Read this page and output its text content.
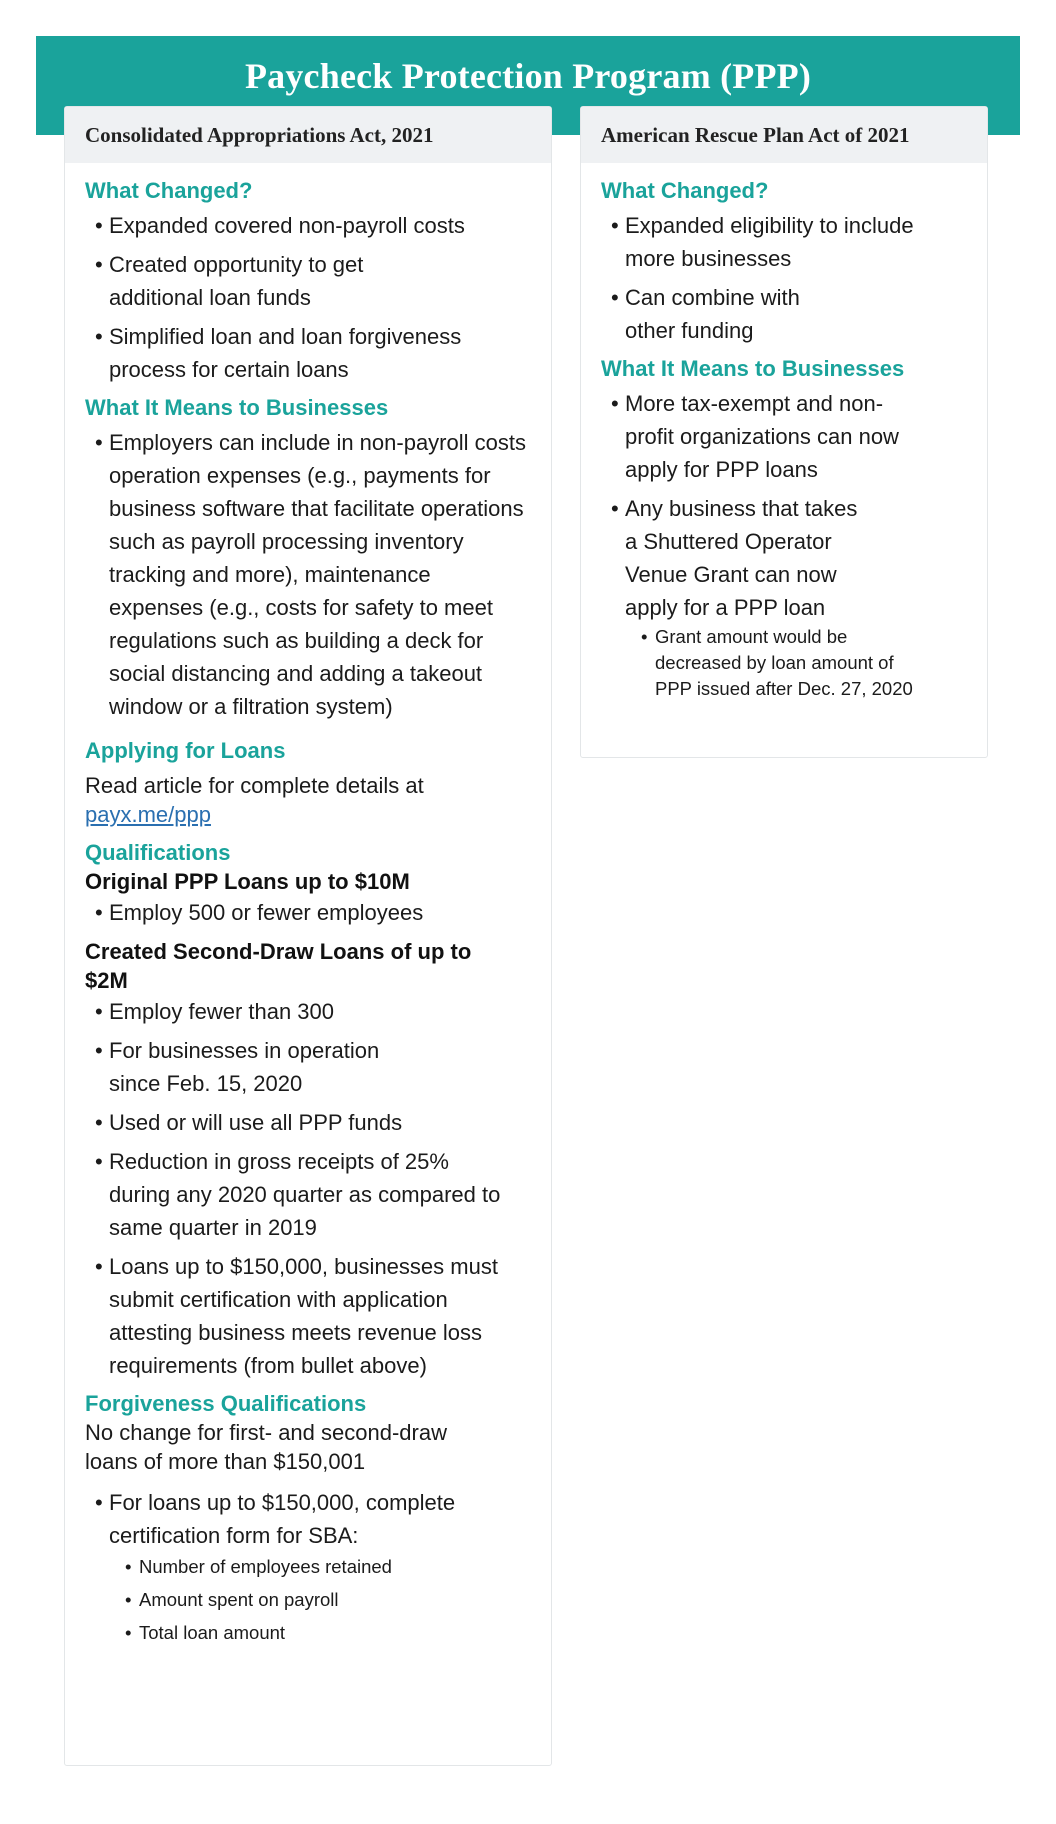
Paycheck Protection Program (PPP)
Consolidated Appropriations Act, 2021
What Changed?
• Expanded covered non-payroll costs
• Created opportunity to get additional loan funds
• Simplified loan and loan forgiveness process for certain loans
What It Means to Businesses
• Employers can include in non-payroll costs operation expenses (e.g., payments for business software that facilitate operations such as payroll processing inventory tracking and more), maintenance expenses (e.g., costs for safety to meet regulations such as building a deck for social distancing and adding a takeout window or a filtration system)
Applying for Loans
Read article for complete details at
payx.me/ppp
Qualifications
Original PPP Loans up to $10M
• Employ 500 or fewer employees
Created Second-Draw Loans of up to $2M
• Employ fewer than 300
• For businesses in operation since Feb. 15, 2020
• Used or will use all PPP funds
• Reduction in gross receipts of 25% during any 2020 quarter as compared to same quarter in 2019
• Loans up to $150,000, businesses must submit certification with application attesting business meets revenue loss requirements (from bullet above)
Forgiveness Qualifications
No change for first- and second-draw loans of more than $150,001
• For loans up to $150,000, complete certification form for SBA:
• Number of employees retained
• Amount spent on payroll
• Total loan amount
American Rescue Plan Act of 2021
What Changed?
• Expanded eligibility to include more businesses
• Can combine with other funding
What It Means to Businesses
• More tax-exempt and non-profit organizations can now apply for PPP loans
• Any business that takes a Shuttered Operator Venue Grant can now apply for a PPP loan
• Grant amount would be decreased by loan amount of PPP issued after Dec. 27, 2020
